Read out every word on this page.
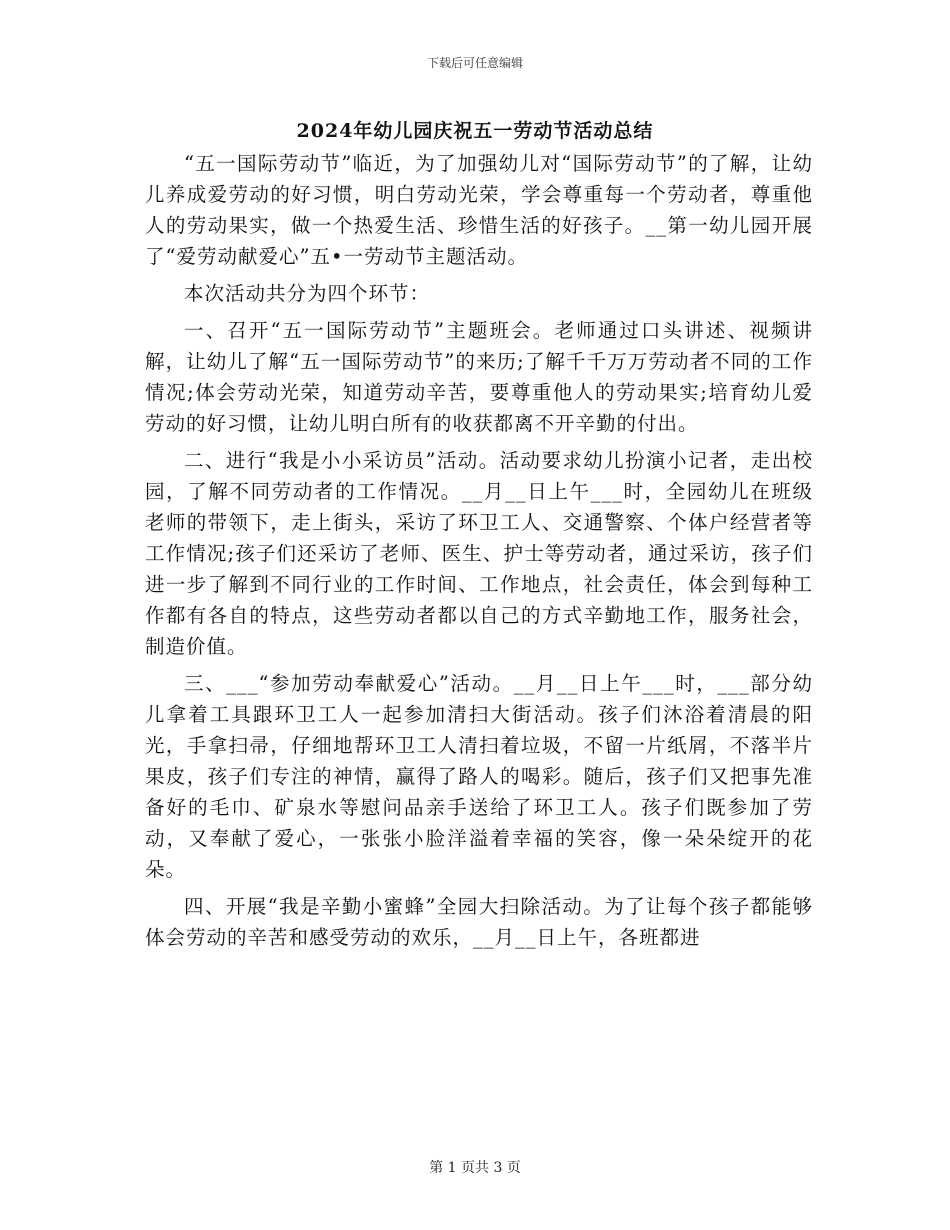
下载后可任意编辑
2024年幼儿园庆祝五一劳动节活动总结

“五一国际劳动节”临近，为了加强幼儿对“国际劳动节”的了解，让幼儿养成爱劳动的好习惯，明白劳动光荣，学会尊重每一个劳动者，尊重他人的劳动果实，做一个热爱生活、珍惜生活的好孩子。__第一幼儿园开展了“爱劳动献爱心”五•一劳动节主题活动。

本次活动共分为四个环节：

一、召开“五一国际劳动节”主题班会。老师通过口头讲述、视频讲解，让幼儿了解“五一国际劳动节”的来历;了解千千万万劳动者不同的工作情况;体会劳动光荣，知道劳动辛苦，要尊重他人的劳动果实;培育幼儿爱劳动的好习惯，让幼儿明白所有的收获都离不开辛勤的付出。

二、进行“我是小小采访员”活动。活动要求幼儿扮演小记者，走出校园，了解不同劳动者的工作情况。__月__日上午___时，全园幼儿在班级老师的带领下，走上街头，采访了环卫工人、交通警察、个体户经营者等工作情况;孩子们还采访了老师、医生、护士等劳动者，通过采访，孩子们进一步了解到不同行业的工作时间、工作地点，社会责任，体会到每种工作都有各自的特点，这些劳动者都以自己的方式辛勤地工作，服务社会，制造价值。

三、___“参加劳动奉献爱心”活动。__月__日上午___时，___部分幼儿拿着工具跟环卫工人一起参加清扫大街活动。孩子们沐浴着清晨的阳光，手拿扫帚，仔细地帮环卫工人清扫着垃圾，不留一片纸屑，不落半片果皮，孩子们专注的神情，赢得了路人的喝彩。随后，孩子们又把事先准备好的毛巾、矿泉水等慰问品亲手送给了环卫工人。孩子们既参加了劳动，又奉献了爱心，一张张小脸洋溢着幸福的笑容，像一朵朵绽开的花朵。

四、开展“我是辛勤小蜜蜂”全园大扫除活动。为了让每个孩子都能够体会劳动的辛苦和感受劳动的欢乐，__月__日上午，各班都进

第 1 页共 3 页
